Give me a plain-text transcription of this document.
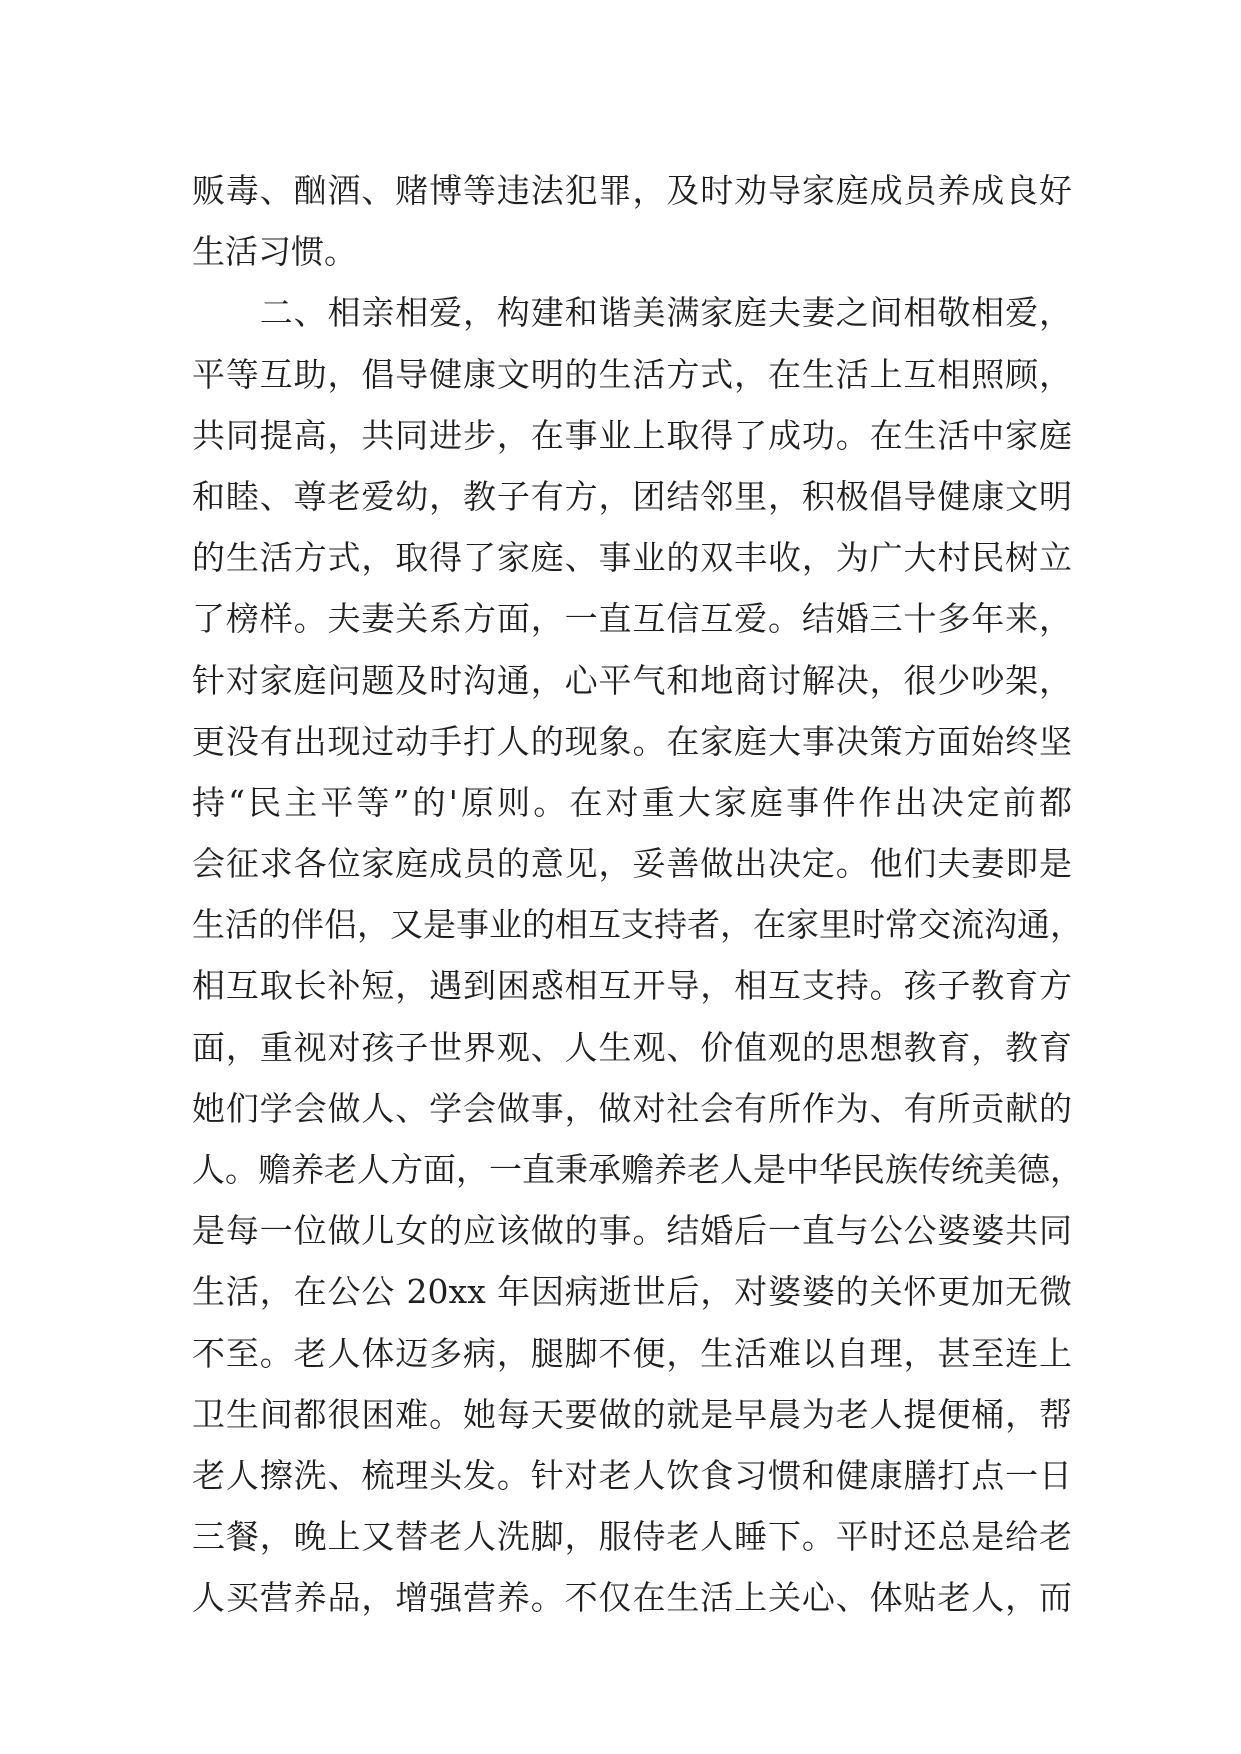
贩毒、酗酒、赌博等违法犯罪，及时劝导家庭成员养成良好
生活习惯。
　　二、相亲相爱，构建和谐美满家庭夫妻之间相敬相爱，
平等互助，倡导健康文明的生活方式，在生活上互相照顾，
共同提高，共同进步，在事业上取得了成功。在生活中家庭
和睦、尊老爱幼，教子有方，团结邻里，积极倡导健康文明
的生活方式，取得了家庭、事业的双丰收，为广大村民树立
了榜样。夫妻关系方面，一直互信互爱。结婚三十多年来，
针对家庭问题及时沟通，心平气和地商讨解决，很少吵架，
更没有出现过动手打人的现象。在家庭大事决策方面始终坚
持“民主平等”的'原则。在对重大家庭事件作出决定前都
会征求各位家庭成员的意见，妥善做出决定。他们夫妻即是
生活的伴侣，又是事业的相互支持者，在家里时常交流沟通，
相互取长补短，遇到困惑相互开导，相互支持。孩子教育方
面，重视对孩子世界观、人生观、价值观的思想教育，教育
她们学会做人、学会做事，做对社会有所作为、有所贡献的
人。赡养老人方面，一直秉承赡养老人是中华民族传统美德，
是每一位做儿女的应该做的事。结婚后一直与公公婆婆共同
生活，在公公 20xx 年因病逝世后，对婆婆的关怀更加无微
不至。老人体迈多病，腿脚不便，生活难以自理，甚至连上
卫生间都很困难。她每天要做的就是早晨为老人提便桶，帮
老人擦洗、梳理头发。针对老人饮食习惯和健康膳打点一日
三餐，晚上又替老人洗脚，服侍老人睡下。平时还总是给老
人买营养品，增强营养。不仅在生活上关心、体贴老人，而
